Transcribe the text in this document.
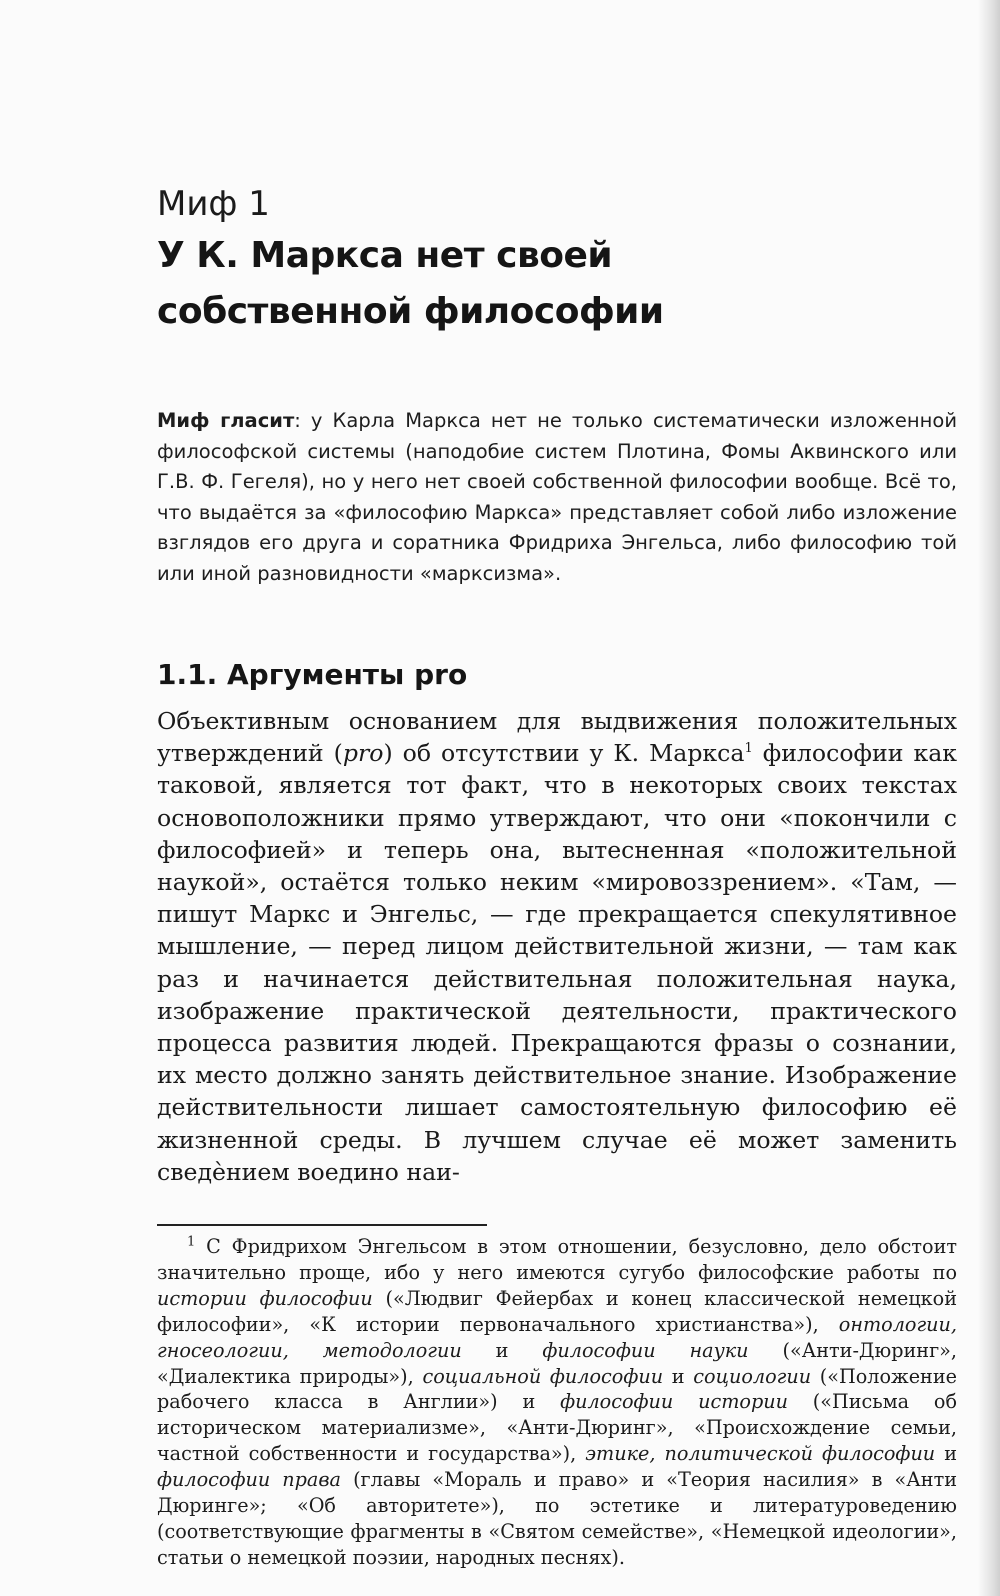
Миф 1
У К. Маркса нет своей
собственной философии

Миф гласит: у Карла Маркса нет не только систематически изложенной философской системы (наподобие систем Плотина, Фомы Аквинского или Г.В. Ф. Гегеля), но у него нет своей собственной философии вообще. Всё то, что выдаётся за «философию Маркса» представляет собой либо изложение взглядов его друга и соратника Фридриха Энгельса, либо философию той или иной разновидности «марксизма».

1.1. Аргументы pro

Объективным основанием для выдвижения положительных утверждений (pro) об отсутствии у К. Маркса$^1$ философии как таковой, является тот факт, что в некоторых своих текстах основоположники прямо утверждают, что они «покончили с философией» и теперь она, вытесненная «положительной наукой», остаётся только неким «мировоззрением». «Там, — пишут Маркс и Энгельс, — где прекращается спекулятивное мышление, — перед лицом действительной жизни, — там как раз и начинается действительная положительная наука, изображение практической деятельности, практического процесса развития людей. Прекращаются фразы о сознании, их место должно занять действительное знание. Изображение действительности лишает самостоятельную философию её жизненной среды. В лучшем случае её может заменить сведѐнием воедино наи-

$^1$ С Фридрихом Энгельсом в этом отношении, безусловно, дело обстоит значительно проще, ибо у него имеются сугубо философские работы по истории философии («Людвиг Фейербах и конец классической немецкой философии», «К истории первоначального христианства»), онтологии, гносеологии, методологии и философии науки («Анти-Дюринг», «Диалектика природы»), социальной философии и социологии («Положение рабочего класса в Англии») и философии истории («Письма об историческом материализме», «Анти-Дюринг», «Происхождение семьи, частной собственности и государства»), этике, политической философии и философии права (главы «Мораль и право» и «Теория насилия» в «Анти Дюринге»; «Об авторитете»), по эстетике и литературоведению (соответствующие фрагменты в «Святом семействе», «Немецкой идеологии», статьи о немецкой поэзии, народных песнях).
